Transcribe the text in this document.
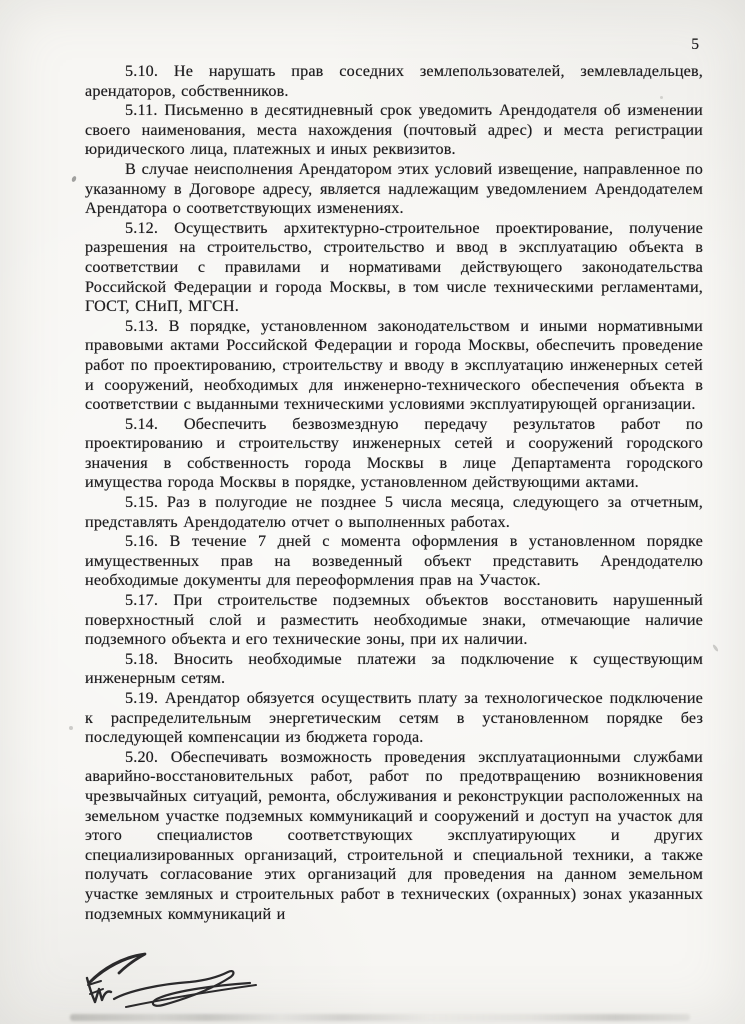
5

5.10. Не нарушать прав соседних землепользователей, землевладельцев, арендаторов, собственников.

5.11. Письменно в десятидневный срок уведомить Арендодателя об изменении своего наименования, места нахождения (почтовый адрес) и места регистрации юридического лица, платежных и иных реквизитов.

В случае неисполнения Арендатором этих условий извещение, направленное по указанному в Договоре адресу, является надлежащим уведомлением Арендодателем Арендатора о соответствующих изменениях.

5.12. Осуществить архитектурно-строительное проектирование, получение разрешения на строительство, строительство и ввод в эксплуатацию объекта в соответствии с правилами и нормативами действующего законодательства Российской Федерации и города Москвы, в том числе техническими регламентами, ГОСТ, СНиП, МГСН.

5.13. В порядке, установленном законодательством и иными нормативными правовыми актами Российской Федерации и города Москвы, обеспечить проведение работ по проектированию, строительству и вводу в эксплуатацию инженерных сетей и сооружений, необходимых для инженерно-технического обеспечения объекта в соответствии с выданными техническими условиями эксплуатирующей организации.

5.14. Обеспечить безвозмездную передачу результатов работ по проектированию и строительству инженерных сетей и сооружений городского значения в собственность города Москвы в лице Департамента городского имущества города Москвы в порядке, установленном действующими актами.

5.15. Раз в полугодие не позднее 5 числа месяца, следующего за отчетным, представлять Арендодателю отчет о выполненных работах.

5.16. В течение 7 дней с момента оформления в установленном порядке имущественных прав на возведенный объект представить Арендодателю необходимые документы для переоформления прав на Участок.

5.17. При строительстве подземных объектов восстановить нарушенный поверхностный слой и разместить необходимые знаки, отмечающие наличие подземного объекта и его технические зоны, при их наличии.

5.18. Вносить необходимые платежи за подключение к существующим инженерным сетям.

5.19. Арендатор обязуется осуществить плату за технологическое подключение к распределительным энергетическим сетям в установленном порядке без последующей компенсации из бюджета города.

5.20. Обеспечивать возможность проведения эксплуатационными службами аварийно-восстановительных работ, работ по предотвращению возникновения чрезвычайных ситуаций, ремонта, обслуживания и реконструкции расположенных на земельном участке подземных коммуникаций и сооружений и доступ на участок для этого специалистов соответствующих эксплуатирующих и других специализированных организаций, строительной и специальной техники, а также получать согласование этих организаций для проведения на данном земельном участке земляных и строительных работ в технических (охранных) зонах указанных подземных коммуникаций и
